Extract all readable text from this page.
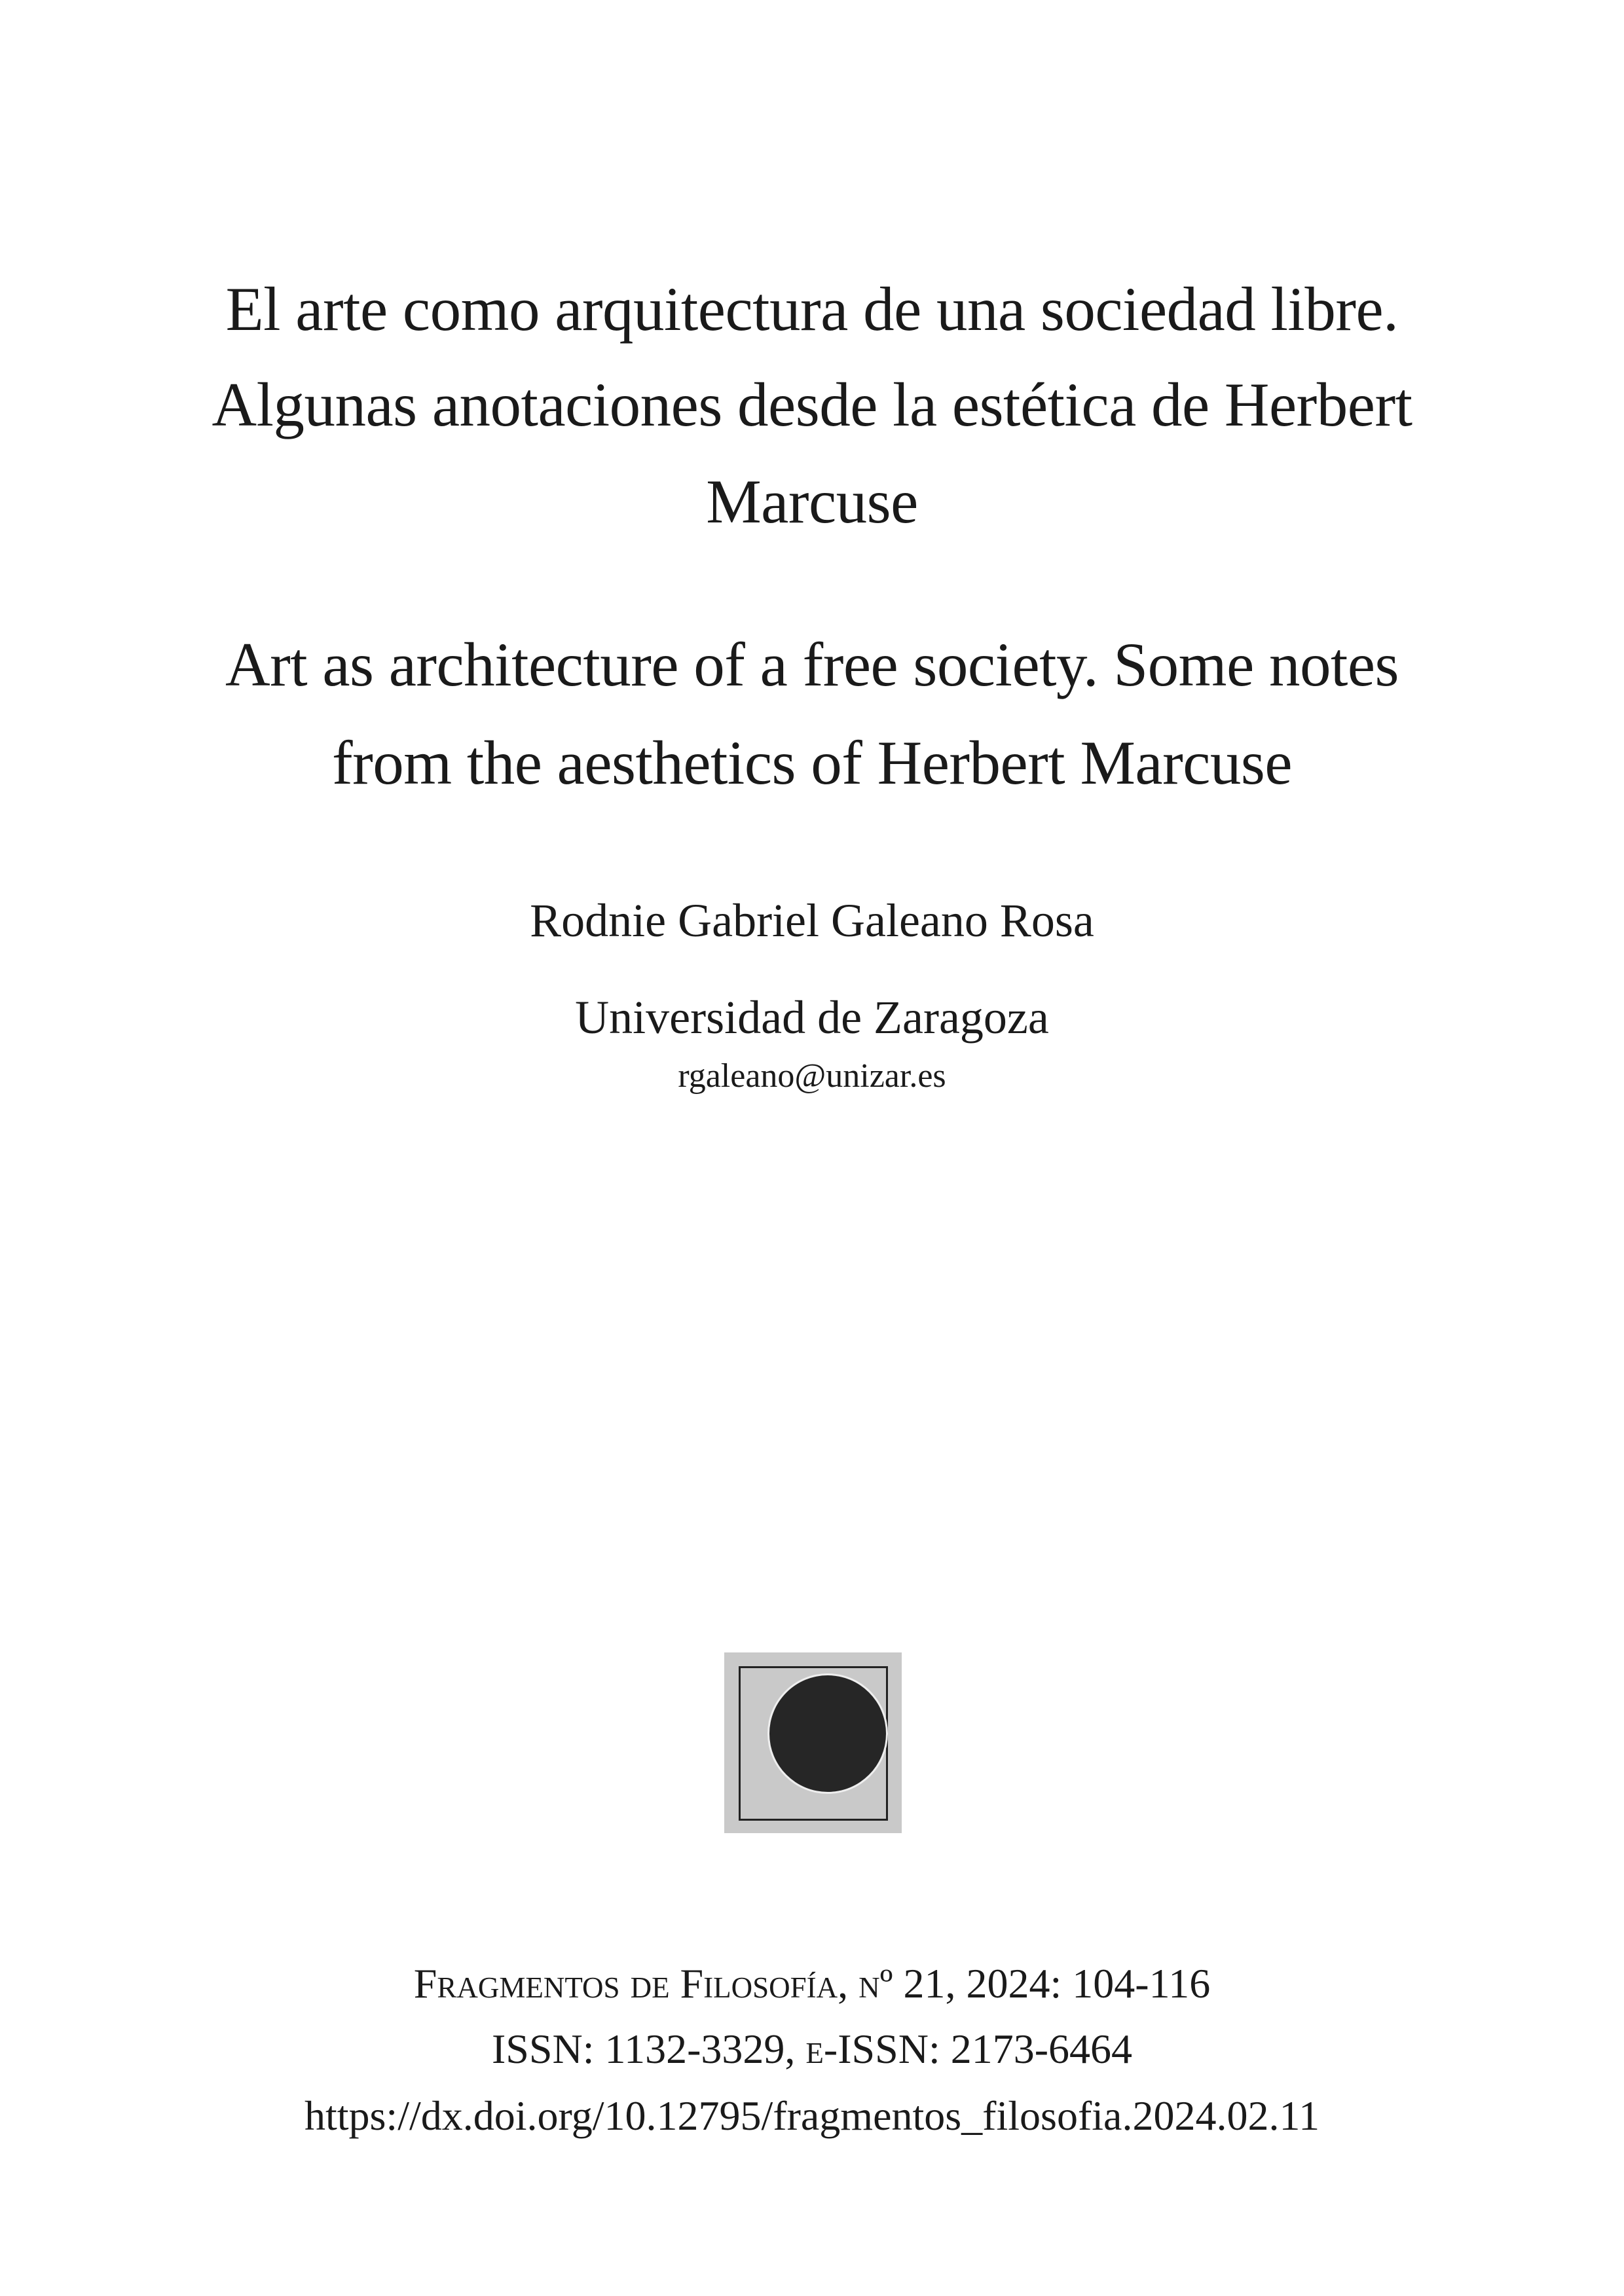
El arte como arquitectura de una sociedad libre.
Algunas anotaciones desde la estética de Herbert
Marcuse
Art as architecture of a free society. Some notes
from the aesthetics of Herbert Marcuse
Rodnie Gabriel Galeano Rosa
Universidad de Zaragoza
rgaleano@unizar.es
Fragmentos de Filosofía, nº 21, 2024: 104-116
ISSN: 1132-3329, e-ISSN: 2173-6464
https://dx.doi.org/10.12795/fragmentos_filosofia.2024.02.11
